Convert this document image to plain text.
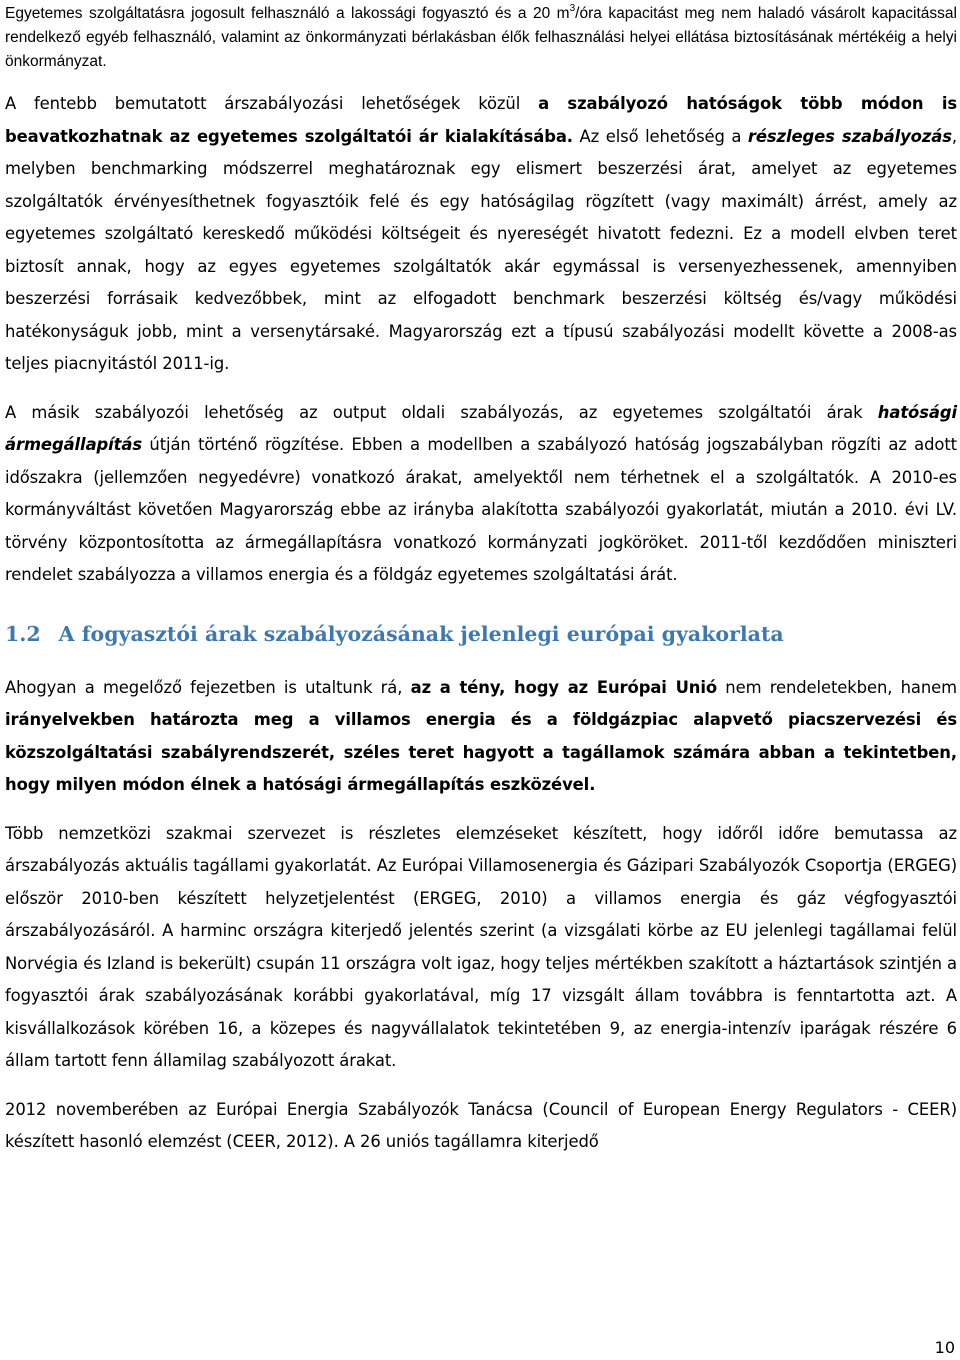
Egyetemes szolgáltatásra jogosult felhasználó a lakossági fogyasztó és a 20 $m^3$/óra kapacitást meg nem haladó vásárolt kapacitással rendelkező egyéb felhasználó, valamint az önkormányzati bérlakásban élők felhasználási helyei ellátása biztosításának mértékéig a helyi önkormányzat.

A fentebb bemutatott árszabályozási lehetőségek közül a szabályozó hatóságok több módon is beavatkozhatnak az egyetemes szolgáltatói ár kialakításába. Az első lehetőség a részleges szabályozás, melyben benchmarking módszerrel meghatároznak egy elismert beszerzési árat, amelyet az egyetemes szolgáltatók érvényesíthetnek fogyasztóik felé és egy hatóságilag rögzített (vagy maximált) árrést, amely az egyetemes szolgáltató kereskedő működési költségeit és nyereségét hivatott fedezni. Ez a modell elvben teret biztosít annak, hogy az egyes egyetemes szolgáltatók akár egymással is versenyezhessenek, amennyiben beszerzési forrásaik kedvezőbbek, mint az elfogadott benchmark beszerzési költség és/vagy működési hatékonyságuk jobb, mint a versenytársaké. Magyarország ezt a típusú szabályozási modellt követte a 2008-as teljes piacnyitástól 2011-ig.

A másik szabályozói lehetőség az output oldali szabályozás, az egyetemes szolgáltatói árak hatósági ármegállapítás útján történő rögzítése. Ebben a modellben a szabályozó hatóság jogszabályban rögzíti az adott időszakra (jellemzően negyedévre) vonatkozó árakat, amelyektől nem térhetnek el a szolgáltatók. A 2010-es kormányváltást követően Magyarország ebbe az irányba alakította szabályozói gyakorlatát, miután a 2010. évi LV. törvény központosította az ármegállapításra vonatkozó kormányzati jogköröket. 2011-től kezdődően miniszteri rendelet szabályozza a villamos energia és a földgáz egyetemes szolgáltatási árát.

1.2 A fogyasztói árak szabályozásának jelenlegi európai gyakorlata

Ahogyan a megelőző fejezetben is utaltunk rá, az a tény, hogy az Európai Unió nem rendeletekben, hanem irányelvekben határozta meg a villamos energia és a földgázpiac alapvető piacszervezési és közszolgáltatási szabályrendszerét, széles teret hagyott a tagállamok számára abban a tekintetben, hogy milyen módon élnek a hatósági ármegállapítás eszközével.

Több nemzetközi szakmai szervezet is részletes elemzéseket készített, hogy időről időre bemutassa az árszabályozás aktuális tagállami gyakorlatát. Az Európai Villamosenergia és Gázipari Szabályozók Csoportja (ERGEG) először 2010-ben készített helyzetjelentést (ERGEG, 2010) a villamos energia és gáz végfogyasztói árszabályozásáról. A harminc országra kiterjedő jelentés szerint (a vizsgálati körbe az EU jelenlegi tagállamai felül Norvégia és Izland is bekerült) csupán 11 országra volt igaz, hogy teljes mértékben szakított a háztartások szintjén a fogyasztói árak szabályozásának korábbi gyakorlatával, míg 17 vizsgált állam továbbra is fenntartotta azt. A kisvállalkozások körében 16, a közepes és nagyvállalatok tekintetében 9, az energia-intenzív iparágak részére 6 állam tartott fenn államilag szabályozott árakat.

2012 novemberében az Európai Energia Szabályozók Tanácsa (Council of European Energy Regulators - CEER) készített hasonló elemzést (CEER, 2012). A 26 uniós tagállamra kiterjedő

10
